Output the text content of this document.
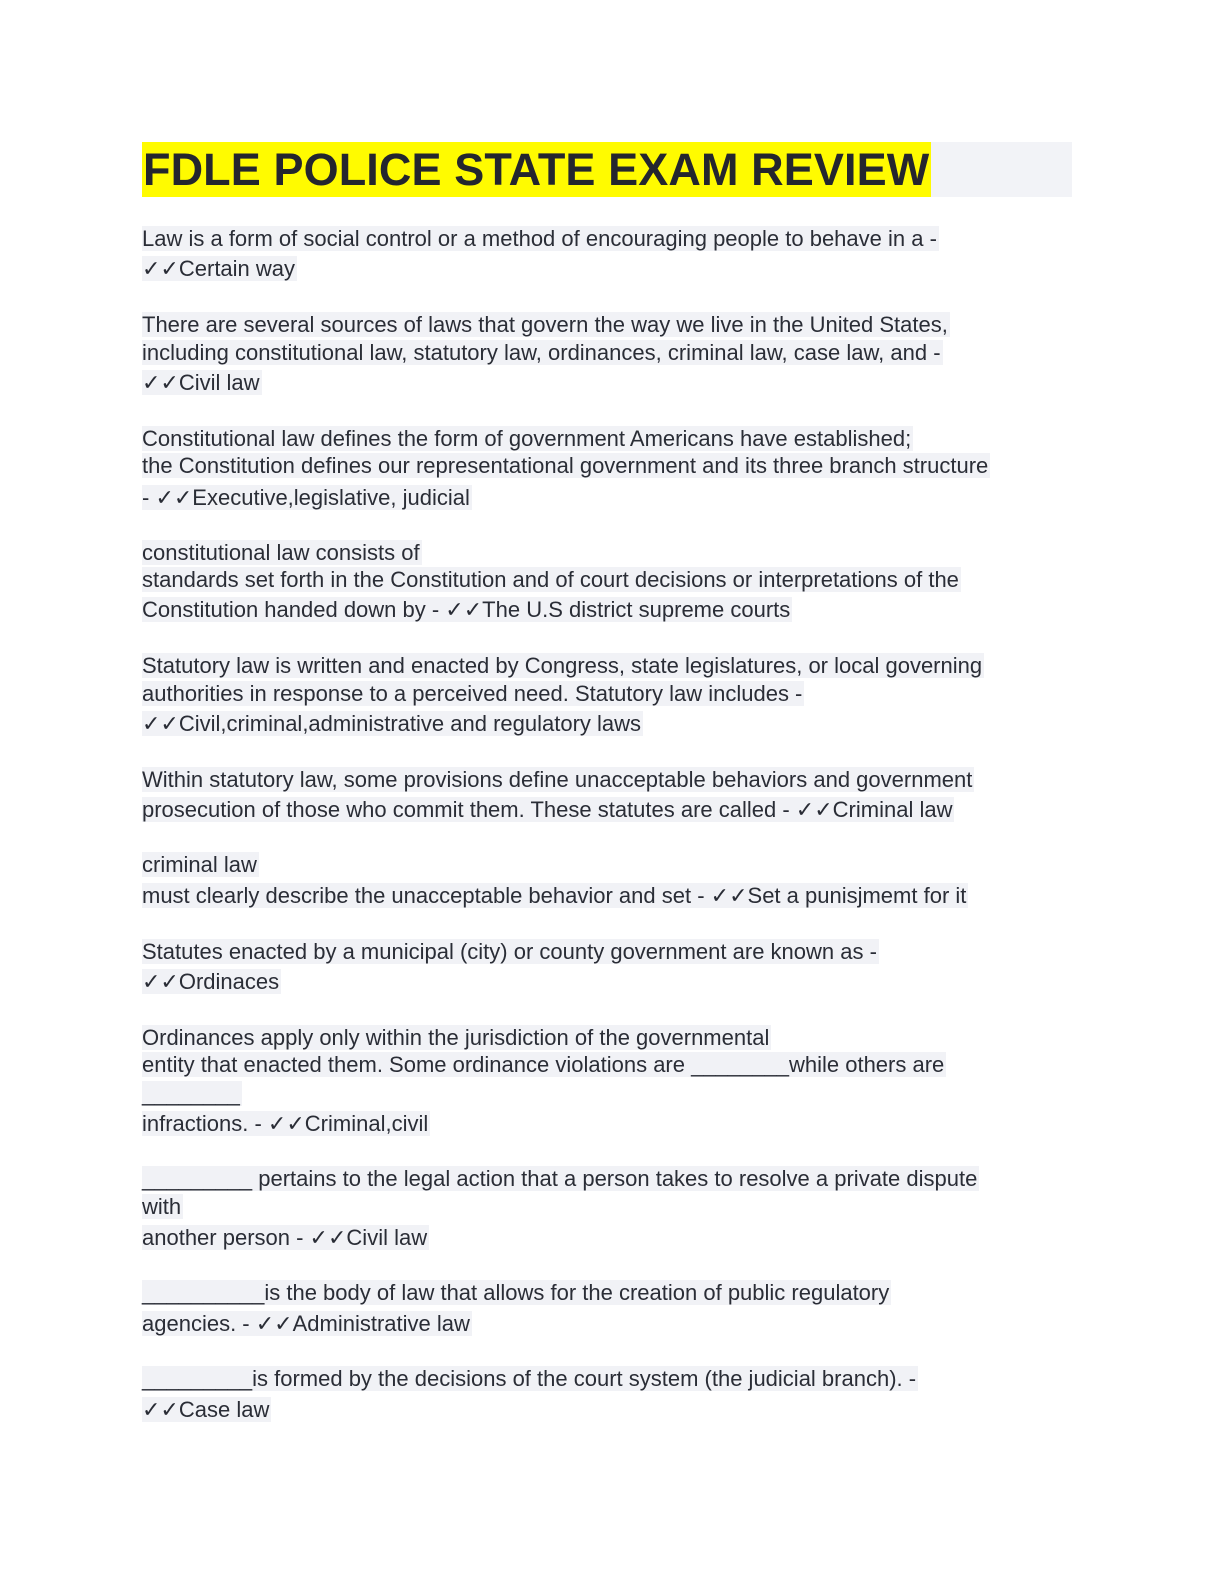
FDLE POLICE STATE EXAM REVIEW
Law is a form of social control or a method of encouraging people to behave in a -
✓✓Certain way
There are several sources of laws that govern the way we live in the United States,
including constitutional law, statutory law, ordinances, criminal law, case law, and -
✓✓Civil law
Constitutional law defines the form of government Americans have established;
the Constitution defines our representational government and its three branch structure
- ✓✓Executive,legislative, judicial
constitutional law consists of
standards set forth in the Constitution and of court decisions or interpretations of the
Constitution handed down by - ✓✓The U.S district supreme courts
Statutory law is written and enacted by Congress, state legislatures, or local governing
authorities in response to a perceived need. Statutory law includes -
✓✓Civil,criminal,administrative and regulatory laws
Within statutory law, some provisions define unacceptable behaviors and government
prosecution of those who commit them. These statutes are called - ✓✓Criminal law
criminal law
must clearly describe the unacceptable behavior and set - ✓✓Set a punisjmemt for it
Statutes enacted by a municipal (city) or county government are known as -
✓✓Ordinaces
Ordinances apply only within the jurisdiction of the governmental
entity that enacted them. Some ordinance violations are ________while others are
________
infractions. - ✓✓Criminal,civil
_________ pertains to the legal action that a person takes to resolve a private dispute
with
another person - ✓✓Civil law
__________is the body of law that allows for the creation of public regulatory
agencies. - ✓✓Administrative law
_________is formed by the decisions of the court system (the judicial branch). -
✓✓Case law
